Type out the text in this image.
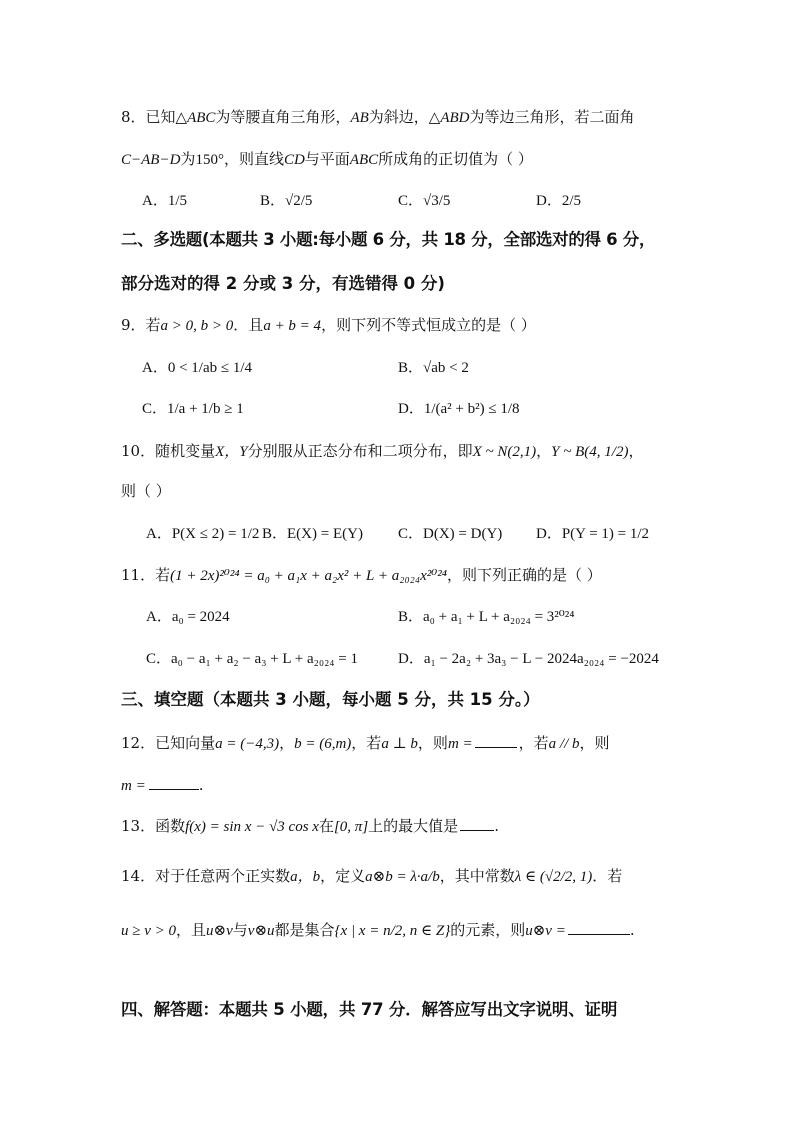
8．已知△ABC为等腰直角三角形，AB为斜边，△ABD为等边三角形，若二面角
C−AB−D为150°，则直线CD与平面ABC所成角的正切值为（ ）
A．1/5	B．√2/5	C．√3/5	D．2/5
二、多选题(本题共 3 小题:每小题 6 分，共 18 分，全部选对的得 6 分，
部分选对的得 2 分或 3 分，有选错得 0 分)
9．若a > 0, b > 0．且a + b = 4，则下列不等式恒成立的是（ ）
A．0 < 1/ab ≤ 1/4	B．√ab < 2
C．1/a + 1/b ≥ 1	D．1/(a² + b²) ≤ 1/8
10．随机变量X，Y分别服从正态分布和二项分布，即X ~ N(2,1)，Y ~ B(4, 1/2)，
则（ ）
A．P(X ≤ 2) = 1/2 B．E(X) = E(Y) C．D(X) = D(Y) D．P(Y = 1) = 1/2
11．若(1 + 2x)²⁰²⁴ = a₀ + a₁x + a₂x² + L + a₂₀₂₄x²⁰²⁴，则下列正确的是（ ）
A．a₀ = 2024	B．a₀ + a₁ + L + a₂₀₂₄ = 3²⁰²⁴
C．a₀ − a₁ + a₂ − a₃ + L + a₂₀₂₄ = 1	D．a₁ − 2a₂ + 3a₃ − L − 2024a₂₀₂₄ = −2024
三、填空题（本题共 3 小题，每小题 5 分，共 15 分。）
12．已知向量a = (−4,3)，b = (6,m)，若a ⊥ b，则m =	，若a // b，则
m =	.
13．函数f(x) = sin x − √3 cos x在[0, π]上的最大值是 .
14．对于任意两个正实数a，b，定义a⊗b = λ·a/b，其中常数λ ∈ (√2/2, 1)．若
u ≥ v > 0，且u⊗v与v⊗u都是集合{x | x = n/2, n ∈ Z}的元素，则u⊗v =	.
四、解答题：本题共 5 小题，共 77 分．解答应写出文字说明、证明
